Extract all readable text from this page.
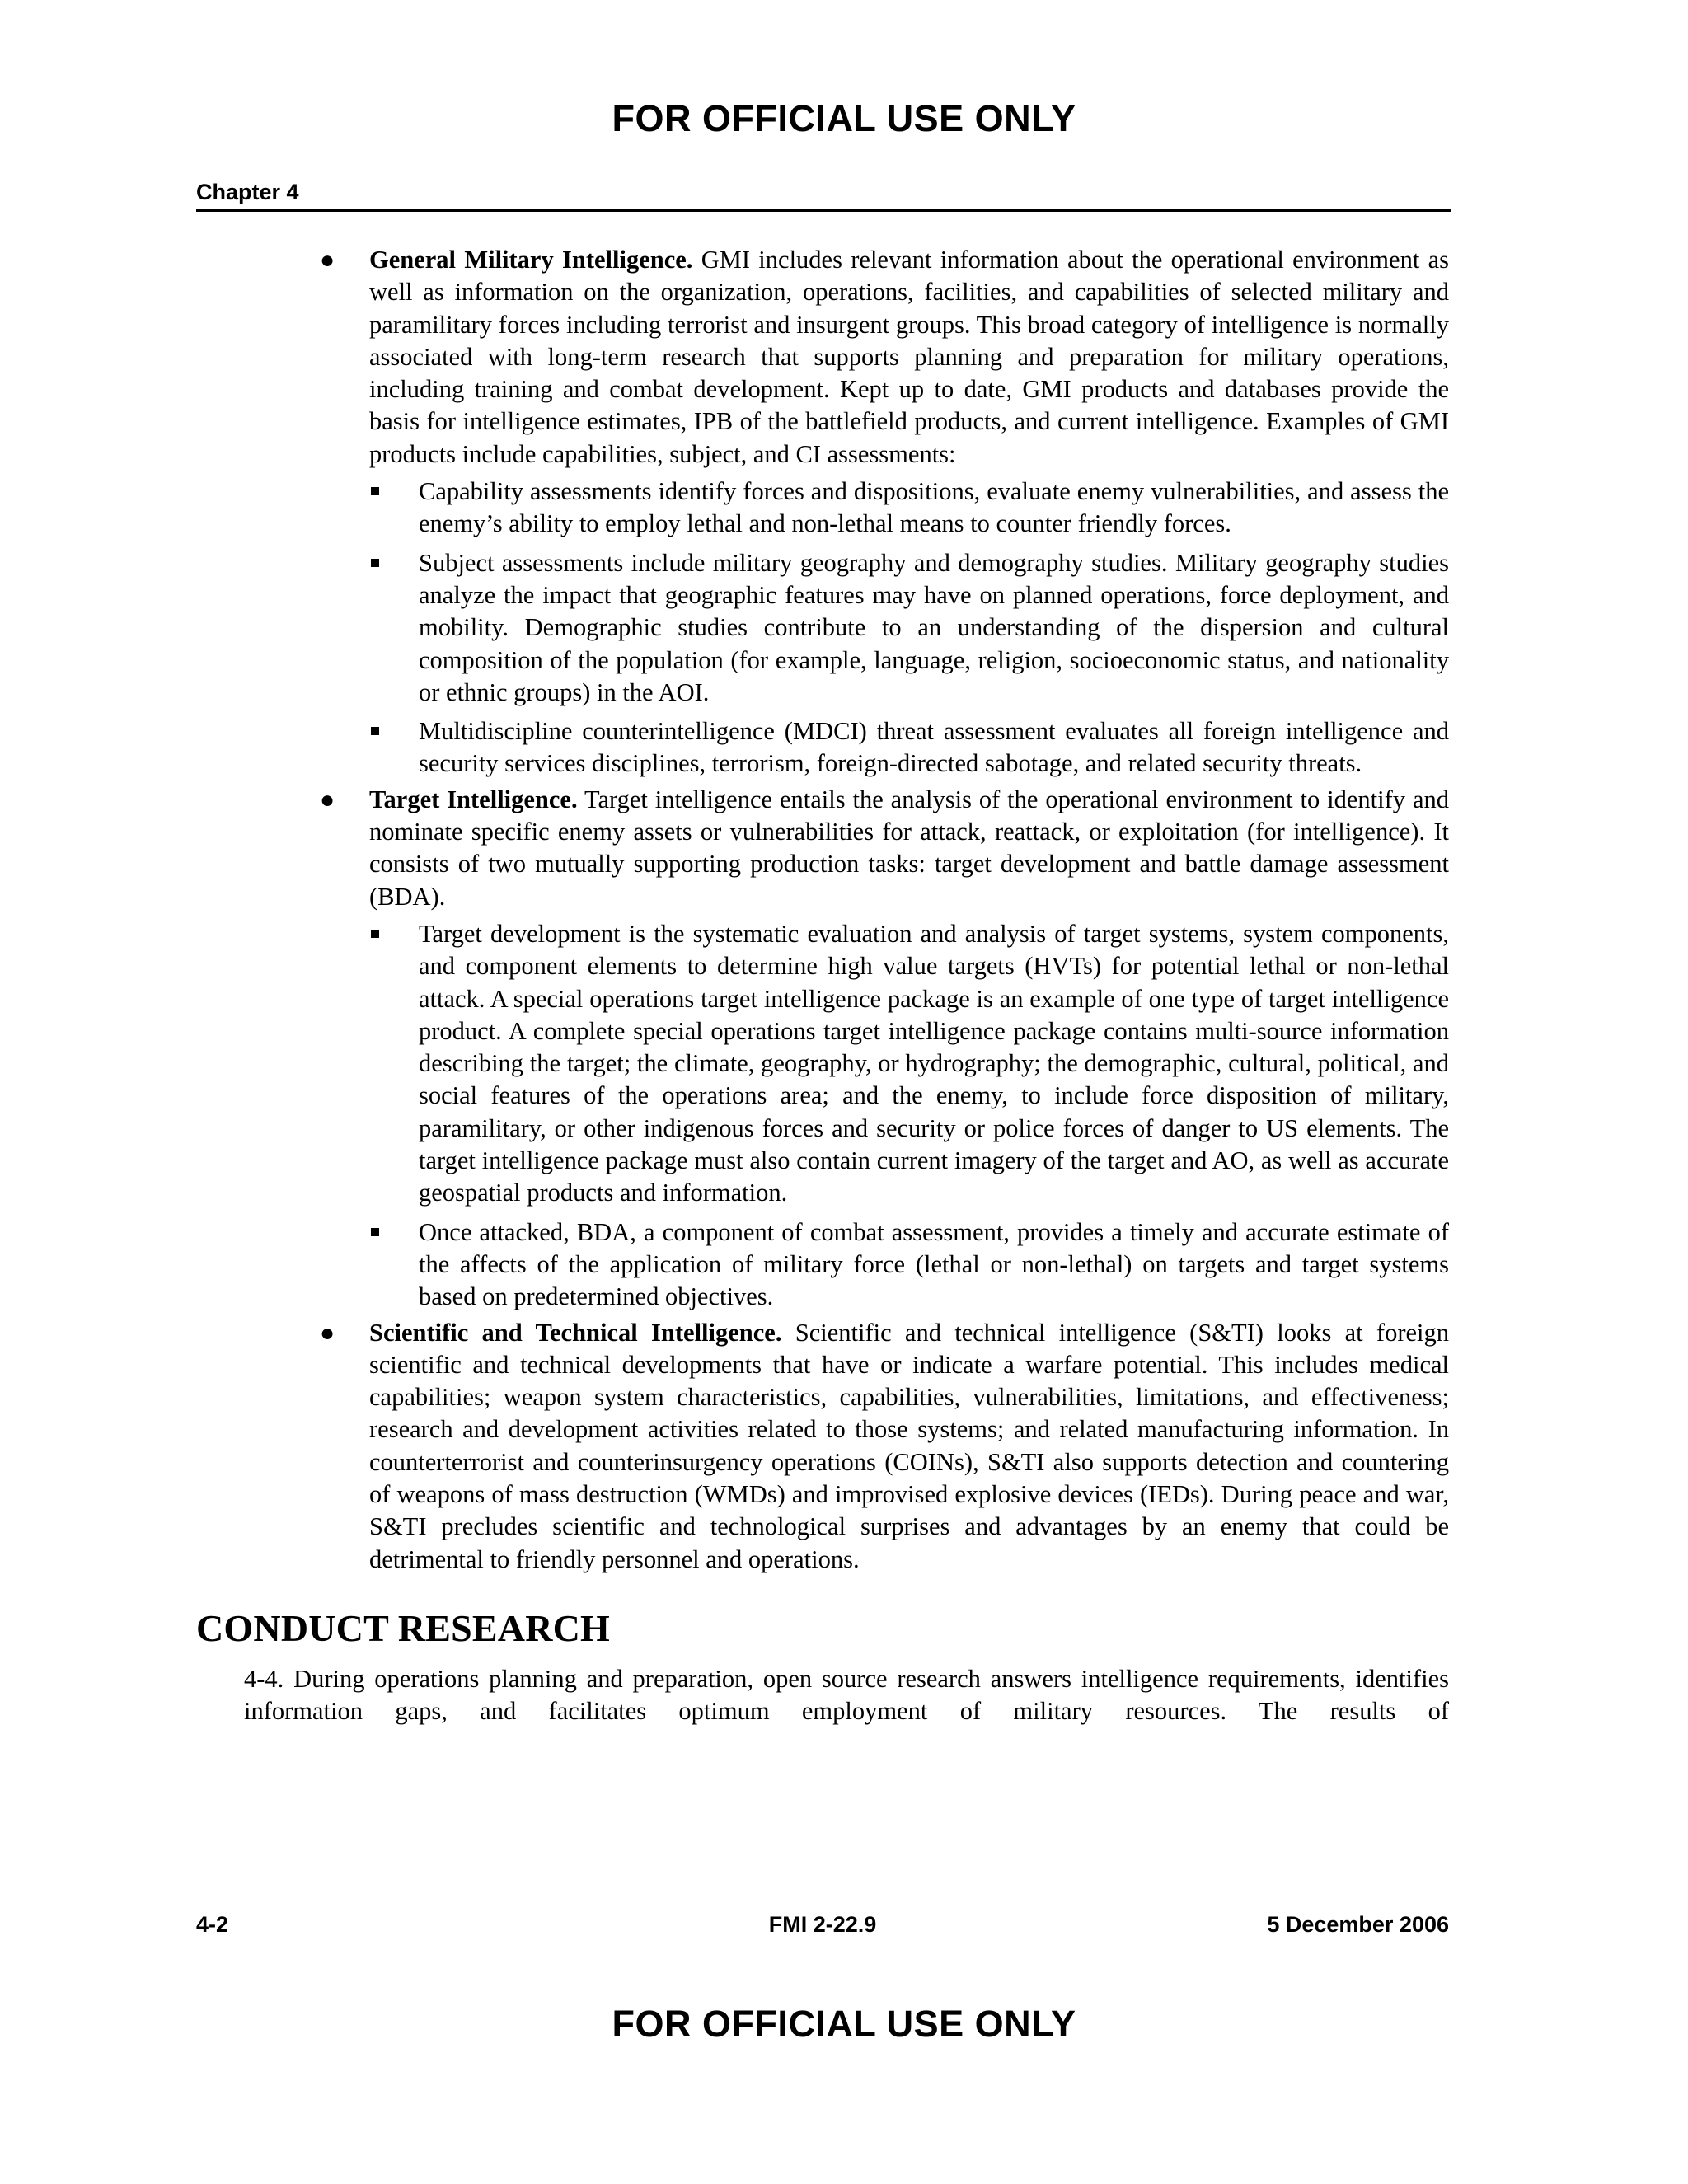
FOR OFFICIAL USE ONLY
Chapter 4
● General Military Intelligence. GMI includes relevant information about the operational environment as well as information on the organization, operations, facilities, and capabilities of selected military and paramilitary forces including terrorist and insurgent groups. This broad category of intelligence is normally associated with long-term research that supports planning and preparation for military operations, including training and combat development. Kept up to date, GMI products and databases provide the basis for intelligence estimates, IPB of the battlefield products, and current intelligence. Examples of GMI products include capabilities, subject, and CI assessments:
Capability assessments identify forces and dispositions, evaluate enemy vulnerabilities, and assess the enemy’s ability to employ lethal and non-lethal means to counter friendly forces.
Subject assessments include military geography and demography studies. Military geography studies analyze the impact that geographic features may have on planned operations, force deployment, and mobility. Demographic studies contribute to an understanding of the dispersion and cultural composition of the population (for example, language, religion, socioeconomic status, and nationality or ethnic groups) in the AOI.
Multidiscipline counterintelligence (MDCI) threat assessment evaluates all foreign intelligence and security services disciplines, terrorism, foreign-directed sabotage, and related security threats.
● Target Intelligence. Target intelligence entails the analysis of the operational environment to identify and nominate specific enemy assets or vulnerabilities for attack, reattack, or exploitation (for intelligence). It consists of two mutually supporting production tasks: target development and battle damage assessment (BDA).
Target development is the systematic evaluation and analysis of target systems, system components, and component elements to determine high value targets (HVTs) for potential lethal or non-lethal attack. A special operations target intelligence package is an example of one type of target intelligence product. A complete special operations target intelligence package contains multi-source information describing the target; the climate, geography, or hydrography; the demographic, cultural, political, and social features of the operations area; and the enemy, to include force disposition of military, paramilitary, or other indigenous forces and security or police forces of danger to US elements. The target intelligence package must also contain current imagery of the target and AO, as well as accurate geospatial products and information.
Once attacked, BDA, a component of combat assessment, provides a timely and accurate estimate of the affects of the application of military force (lethal or non-lethal) on targets and target systems based on predetermined objectives.
● Scientific and Technical Intelligence. Scientific and technical intelligence (S&TI) looks at foreign scientific and technical developments that have or indicate a warfare potential. This includes medical capabilities; weapon system characteristics, capabilities, vulnerabilities, limitations, and effectiveness; research and development activities related to those systems; and related manufacturing information. In counterterrorist and counterinsurgency operations (COINs), S&TI also supports detection and countering of weapons of mass destruction (WMDs) and improvised explosive devices (IEDs). During peace and war, S&TI precludes scientific and technological surprises and advantages by an enemy that could be detrimental to friendly personnel and operations.
CONDUCT RESEARCH
4-4. During operations planning and preparation, open source research answers intelligence requirements, identifies information gaps, and facilitates optimum employment of military resources. The results of
4-2	FMI 2-22.9	5 December 2006
FOR OFFICIAL USE ONLY
